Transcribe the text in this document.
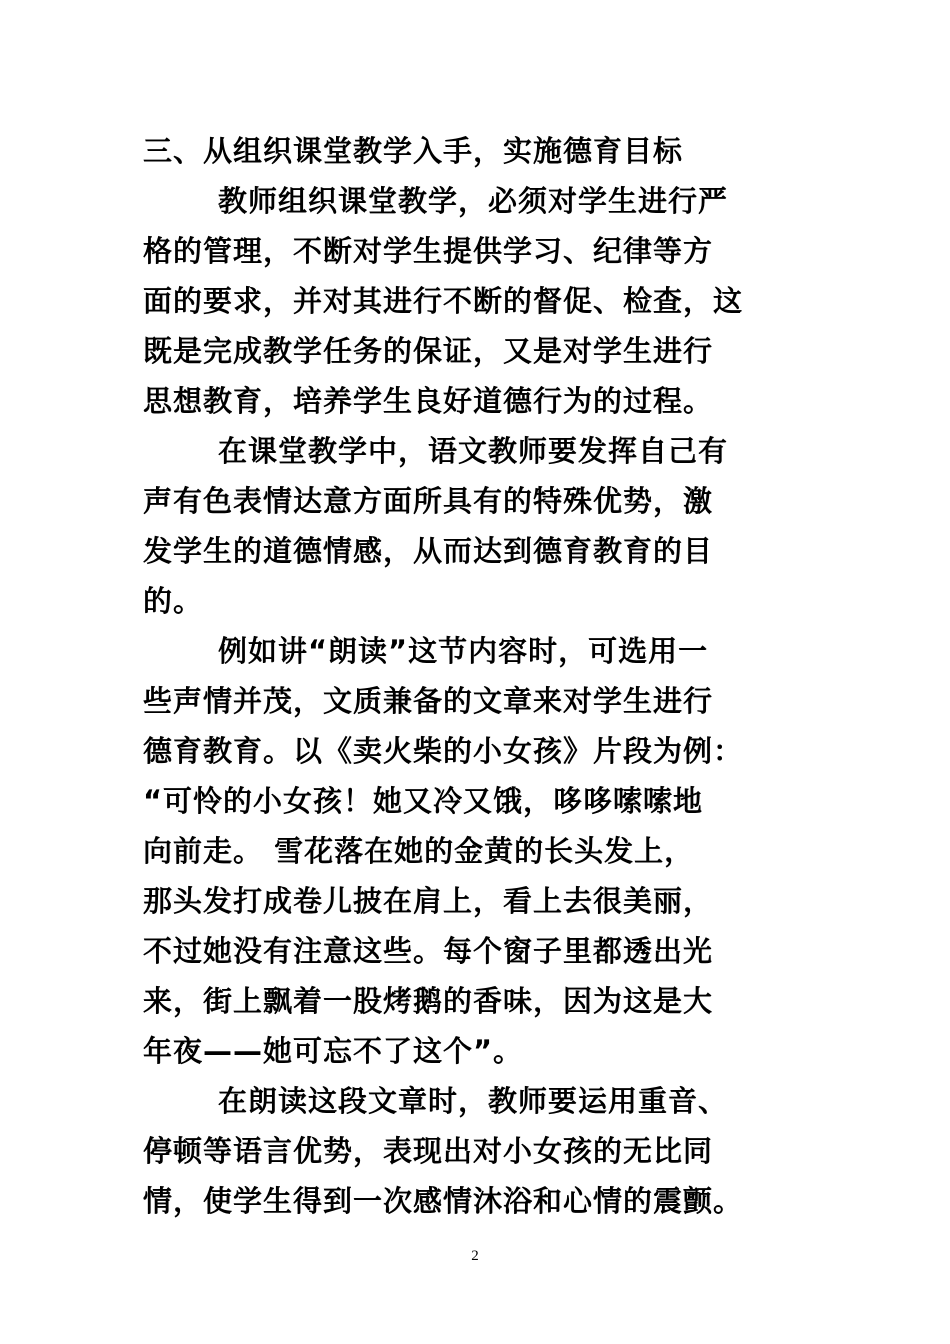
三、从组织课堂教学入手，实施德育目标
教师组织课堂教学，必须对学生进行严
格的管理，不断对学生提供学习、纪律等方
面的要求，并对其进行不断的督促、检查，这
既是完成教学任务的保证，又是对学生进行
思想教育，培养学生良好道德行为的过程。
在课堂教学中，语文教师要发挥自己有
声有色表情达意方面所具有的特殊优势，激
发学生的道德情感，从而达到德育教育的目
的。
例如讲“朗读”这节内容时，可选用一
些声情并茂，文质兼备的文章来对学生进行
德育教育。以《卖火柴的小女孩》片段为例：
“可怜的小女孩！她又冷又饿，哆哆嗦嗦地
向前走。 雪花落在她的金黄的长头发上，
那头发打成卷儿披在肩上，看上去很美丽，
不过她没有注意这些。每个窗子里都透出光
来，街上飘着一股烤鹅的香味，因为这是大
年夜——她可忘不了这个”。
在朗读这段文章时，教师要运用重音、
停顿等语言优势，表现出对小女孩的无比同
情，使学生得到一次感情沐浴和心情的震颤。
2
